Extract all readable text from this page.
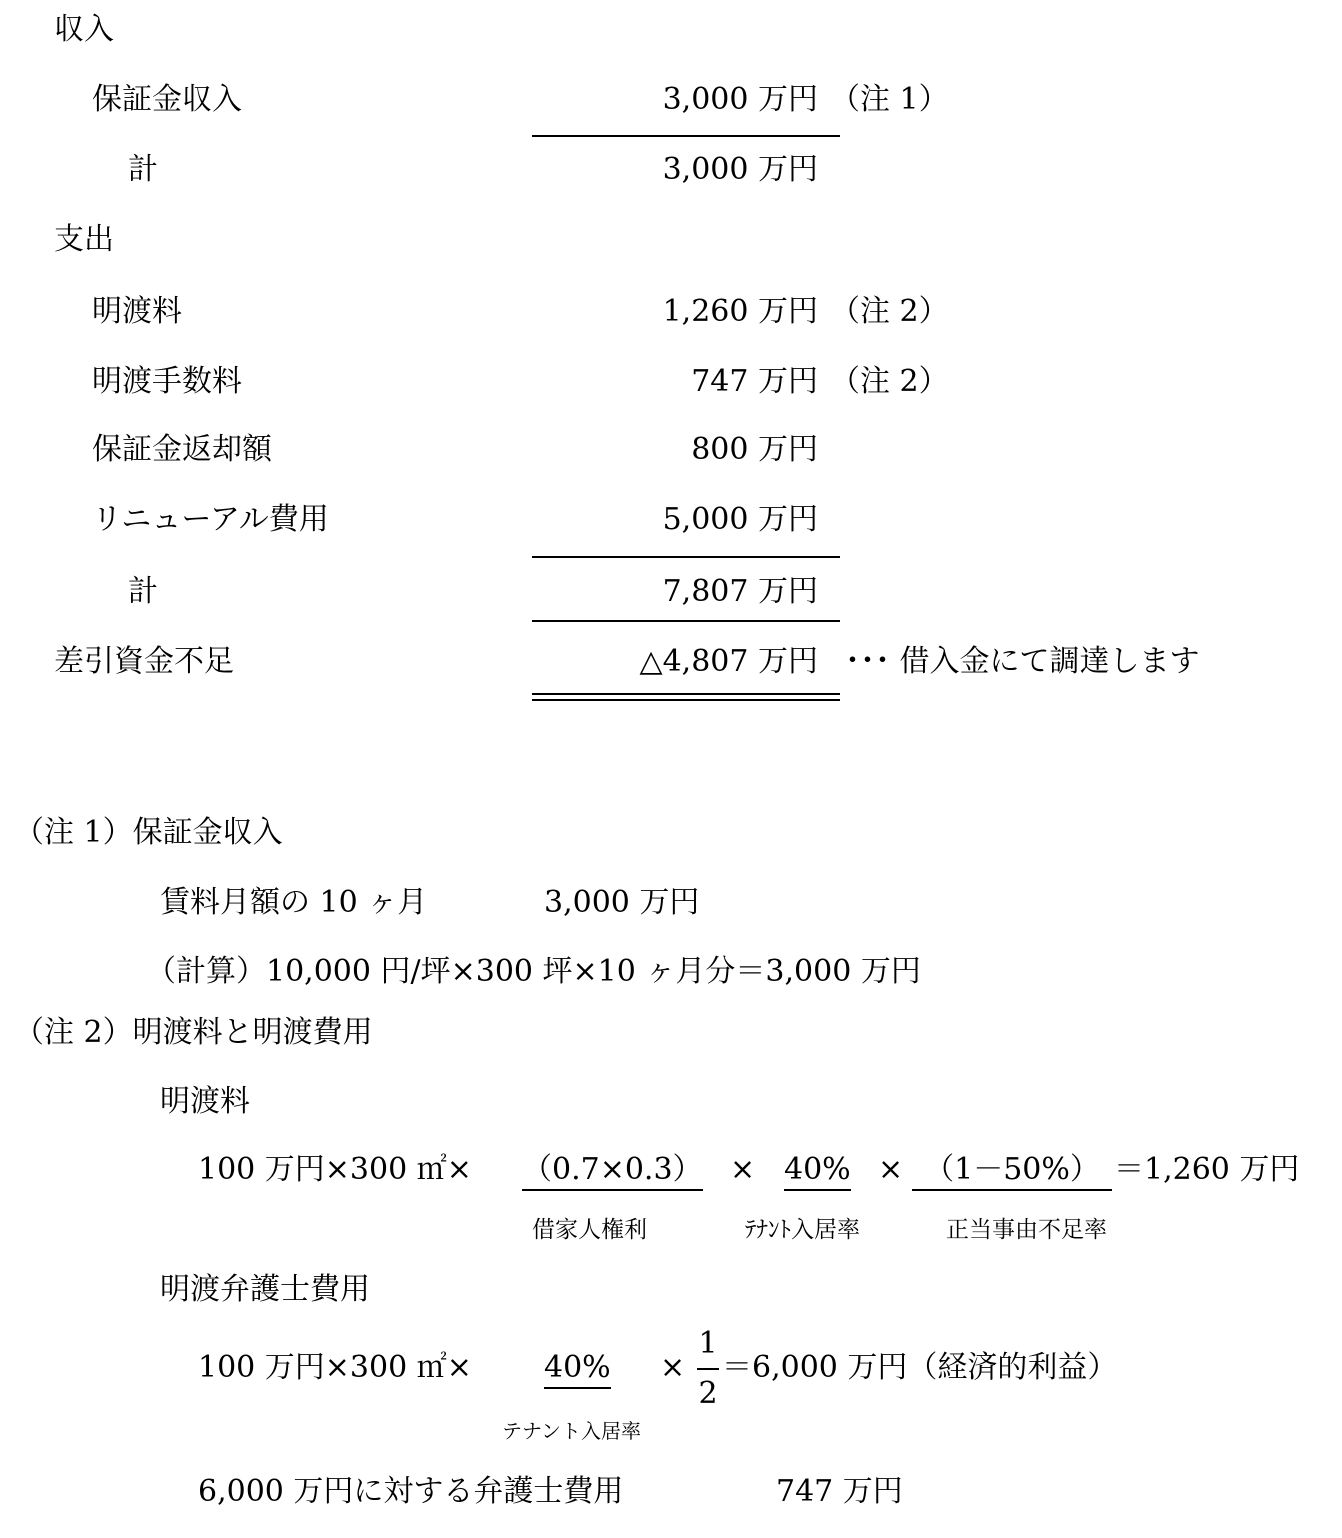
収入
保証金収入	3,000 万円 （注 1）
計	3,000 万円
支出
明渡料	1,260 万円 （注 2）
明渡手数料	747 万円 （注 2）
保証金返却額	800 万円
リニューアル費用	5,000 万円
計	7,807 万円
差引資金不足	△4,807 万円 ･･･ 借入金にて調達します
（注 1）保証金収入
賃料月額の 10 ヶ月	3,000 万円
（計算）10,000 円/坪×300 坪×10 ヶ月分＝3,000 万円
（注 2）明渡料と明渡費用
明渡料
100 万円×300 ㎡× （0.7×0.3） × 40% × （1－50%） ＝1,260 万円
借家人権利	ﾃﾅﾝﾄ入居率	正当事由不足率
明渡弁護士費用
100 万円×300 ㎡× 40% ×
1
2
＝6,000 万円（経済的利益）
テナント入居率
6,000 万円に対する弁護士費用	747 万円
